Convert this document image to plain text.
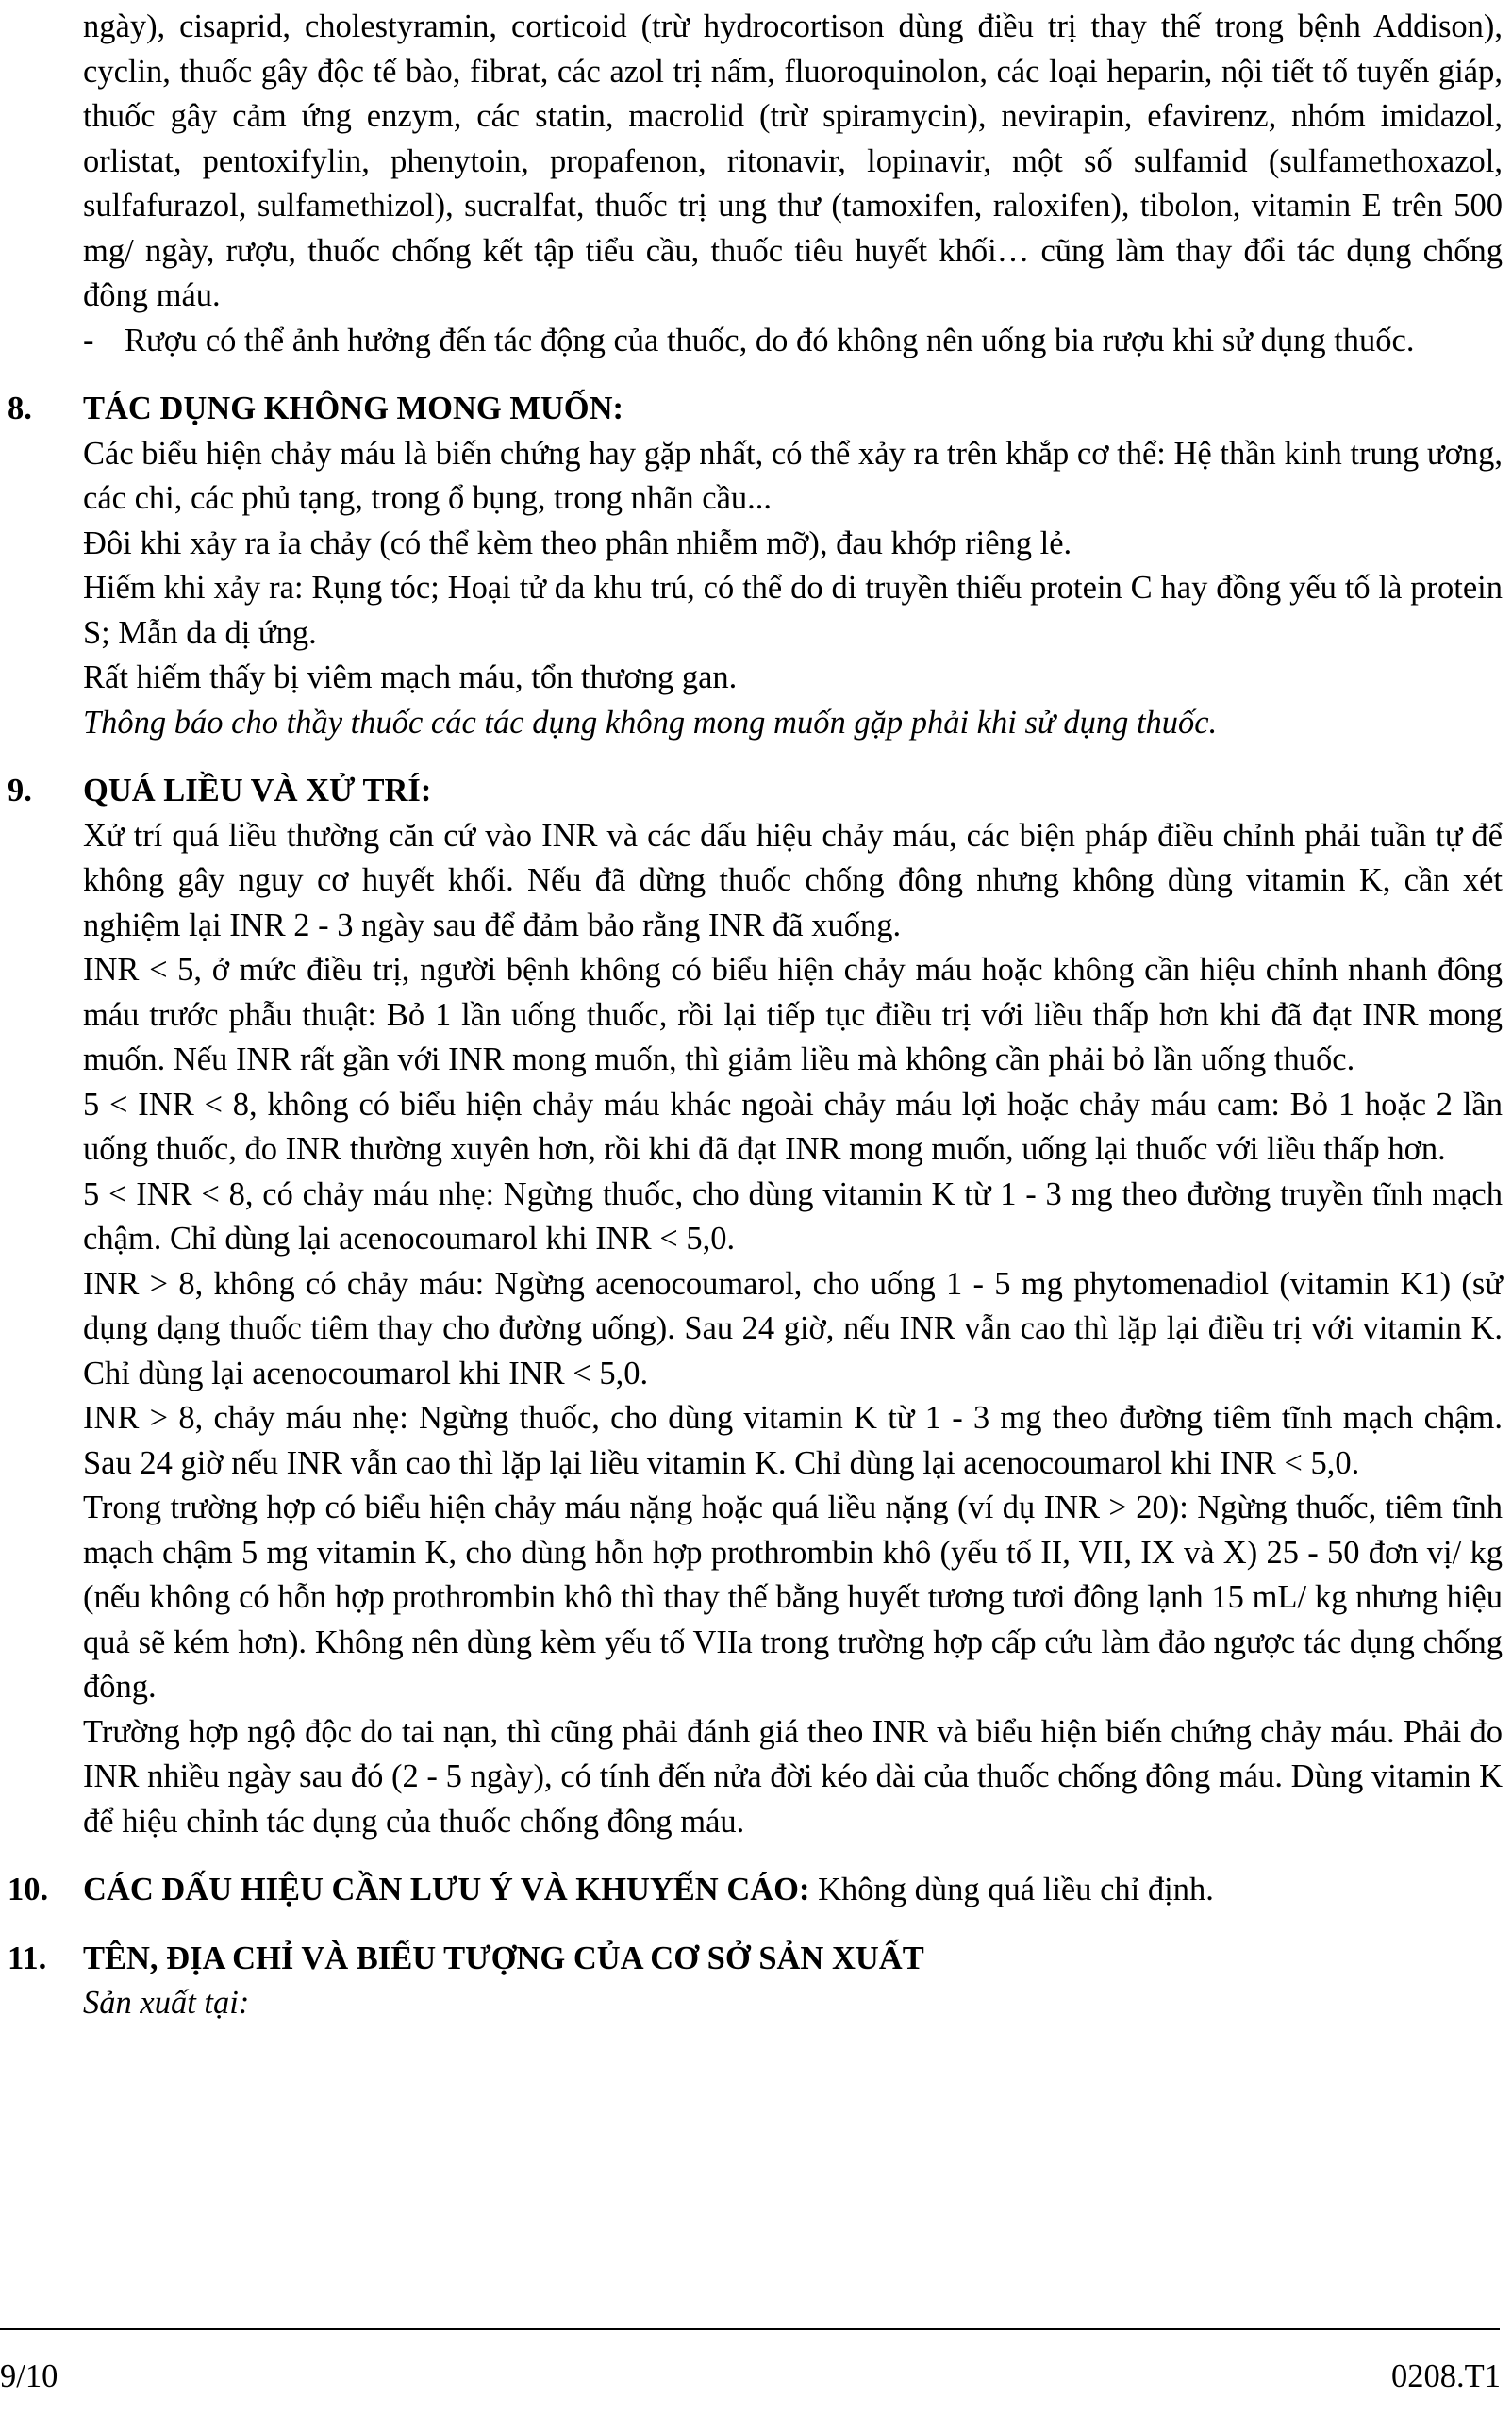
ngày), cisaprid, cholestyramin, corticoid (trừ hydrocortison dùng điều trị thay thế trong bệnh Addison), cyclin, thuốc gây độc tế bào, fibrat, các azol trị nấm, fluoroquinolon, các loại heparin, nội tiết tố tuyến giáp, thuốc gây cảm ứng enzym, các statin, macrolid (trừ spiramycin), nevirapin, efavirenz, nhóm imidazol, orlistat, pentoxifylin, phenytoin, propafenon, ritonavir, lopinavir, một số sulfamid (sulfamethoxazol, sulfafurazol, sulfamethizol), sucralfat, thuốc trị ung thư (tamoxifen, raloxifen), tibolon, vitamin E trên 500 mg/ ngày, rượu, thuốc chống kết tập tiểu cầu, thuốc tiêu huyết khối… cũng làm thay đổi tác dụng chống đông máu.

- Rượu có thể ảnh hưởng đến tác động của thuốc, do đó không nên uống bia rượu khi sử dụng thuốc.
8.	TÁC DỤNG KHÔNG MONG MUỐN:

Các biểu hiện chảy máu là biến chứng hay gặp nhất, có thể xảy ra trên khắp cơ thể: Hệ thần kinh trung ương, các chi, các phủ tạng, trong ổ bụng, trong nhãn cầu...

Đôi khi xảy ra ỉa chảy (có thể kèm theo phân nhiễm mỡ), đau khớp riêng lẻ.

Hiếm khi xảy ra: Rụng tóc; Hoại tử da khu trú, có thể do di truyền thiếu protein C hay đồng yếu tố là protein S; Mẫn da dị ứng.

Rất hiếm thấy bị viêm mạch máu, tổn thương gan.

Thông báo cho thầy thuốc các tác dụng không mong muốn gặp phải khi sử dụng thuốc.

9.	QUÁ LIỀU VÀ XỬ TRÍ:

Xử trí quá liều thường căn cứ vào INR và các dấu hiệu chảy máu, các biện pháp điều chỉnh phải tuần tự để không gây nguy cơ huyết khối. Nếu đã dừng thuốc chống đông nhưng không dùng vitamin K, cần xét nghiệm lại INR 2 - 3 ngày sau để đảm bảo rằng INR đã xuống.

INR < 5, ở mức điều trị, người bệnh không có biểu hiện chảy máu hoặc không cần hiệu chỉnh nhanh đông máu trước phẫu thuật: Bỏ 1 lần uống thuốc, rồi lại tiếp tục điều trị với liều thấp hơn khi đã đạt INR mong muốn. Nếu INR rất gần với INR mong muốn, thì giảm liều mà không cần phải bỏ lần uống thuốc.

5 < INR < 8, không có biểu hiện chảy máu khác ngoài chảy máu lợi hoặc chảy máu cam: Bỏ 1 hoặc 2 lần uống thuốc, đo INR thường xuyên hơn, rồi khi đã đạt INR mong muốn, uống lại thuốc với liều thấp hơn.

5 < INR < 8, có chảy máu nhẹ: Ngừng thuốc, cho dùng vitamin K từ 1 - 3 mg theo đường truyền tĩnh mạch chậm. Chỉ dùng lại acenocoumarol khi INR < 5,0.

INR > 8, không có chảy máu: Ngừng acenocoumarol, cho uống 1 - 5 mg phytomenadiol (vitamin K1) (sử dụng dạng thuốc tiêm thay cho đường uống). Sau 24 giờ, nếu INR vẫn cao thì lặp lại điều trị với vitamin K. Chỉ dùng lại acenocoumarol khi INR < 5,0.

INR > 8, chảy máu nhẹ: Ngừng thuốc, cho dùng vitamin K từ 1 - 3 mg theo đường tiêm tĩnh mạch chậm. Sau 24 giờ nếu INR vẫn cao thì lặp lại liều vitamin K. Chỉ dùng lại acenocoumarol khi INR < 5,0.

Trong trường hợp có biểu hiện chảy máu nặng hoặc quá liều nặng (ví dụ INR > 20): Ngừng thuốc, tiêm tĩnh mạch chậm 5 mg vitamin K, cho dùng hỗn hợp prothrombin khô (yếu tố II, VII, IX và X) 25 - 50 đơn vị/ kg (nếu không có hỗn hợp prothrombin khô thì thay thế bằng huyết tương tươi đông lạnh 15 mL/ kg nhưng hiệu quả sẽ kém hơn). Không nên dùng kèm yếu tố VIIa trong trường hợp cấp cứu làm đảo ngược tác dụng chống đông.

Trường hợp ngộ độc do tai nạn, thì cũng phải đánh giá theo INR và biểu hiện biến chứng chảy máu. Phải đo INR nhiều ngày sau đó (2 - 5 ngày), có tính đến nửa đời kéo dài của thuốc chống đông máu. Dùng vitamin K để hiệu chỉnh tác dụng của thuốc chống đông máu.

10.	CÁC DẤU HIỆU CẦN LƯU Ý VÀ KHUYẾN CÁO: Không dùng quá liều chỉ định.
11.	TÊN, ĐỊA CHỈ VÀ BIỂU TƯỢNG CỦA CƠ SỞ SẢN XUẤT

Sản xuất tại:

9/10	0208.T1
